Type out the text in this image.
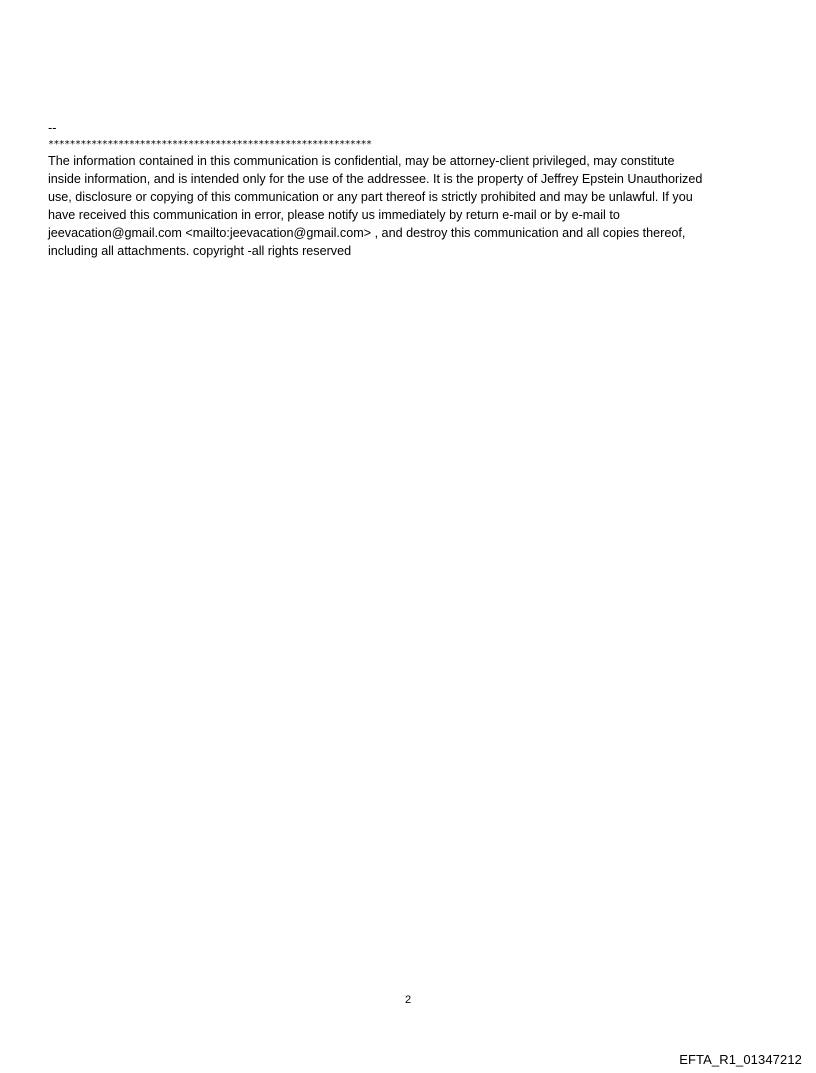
--
************************************************************
The information contained in this communication is confidential, may be attorney-client privileged, may constitute
inside information, and is intended only for the use of the addressee. It is the property of Jeffrey Epstein Unauthorized
use, disclosure or copying of this communication or any part thereof is strictly prohibited and may be unlawful. If you
have received this communication in error, please notify us immediately by return e-mail or by e-mail to
jeevacation@gmail.com <mailto:jeevacation@gmail.com> , and destroy this communication and all copies thereof,
including all attachments. copyright -all rights reserved
2
EFTA_R1_01347212
